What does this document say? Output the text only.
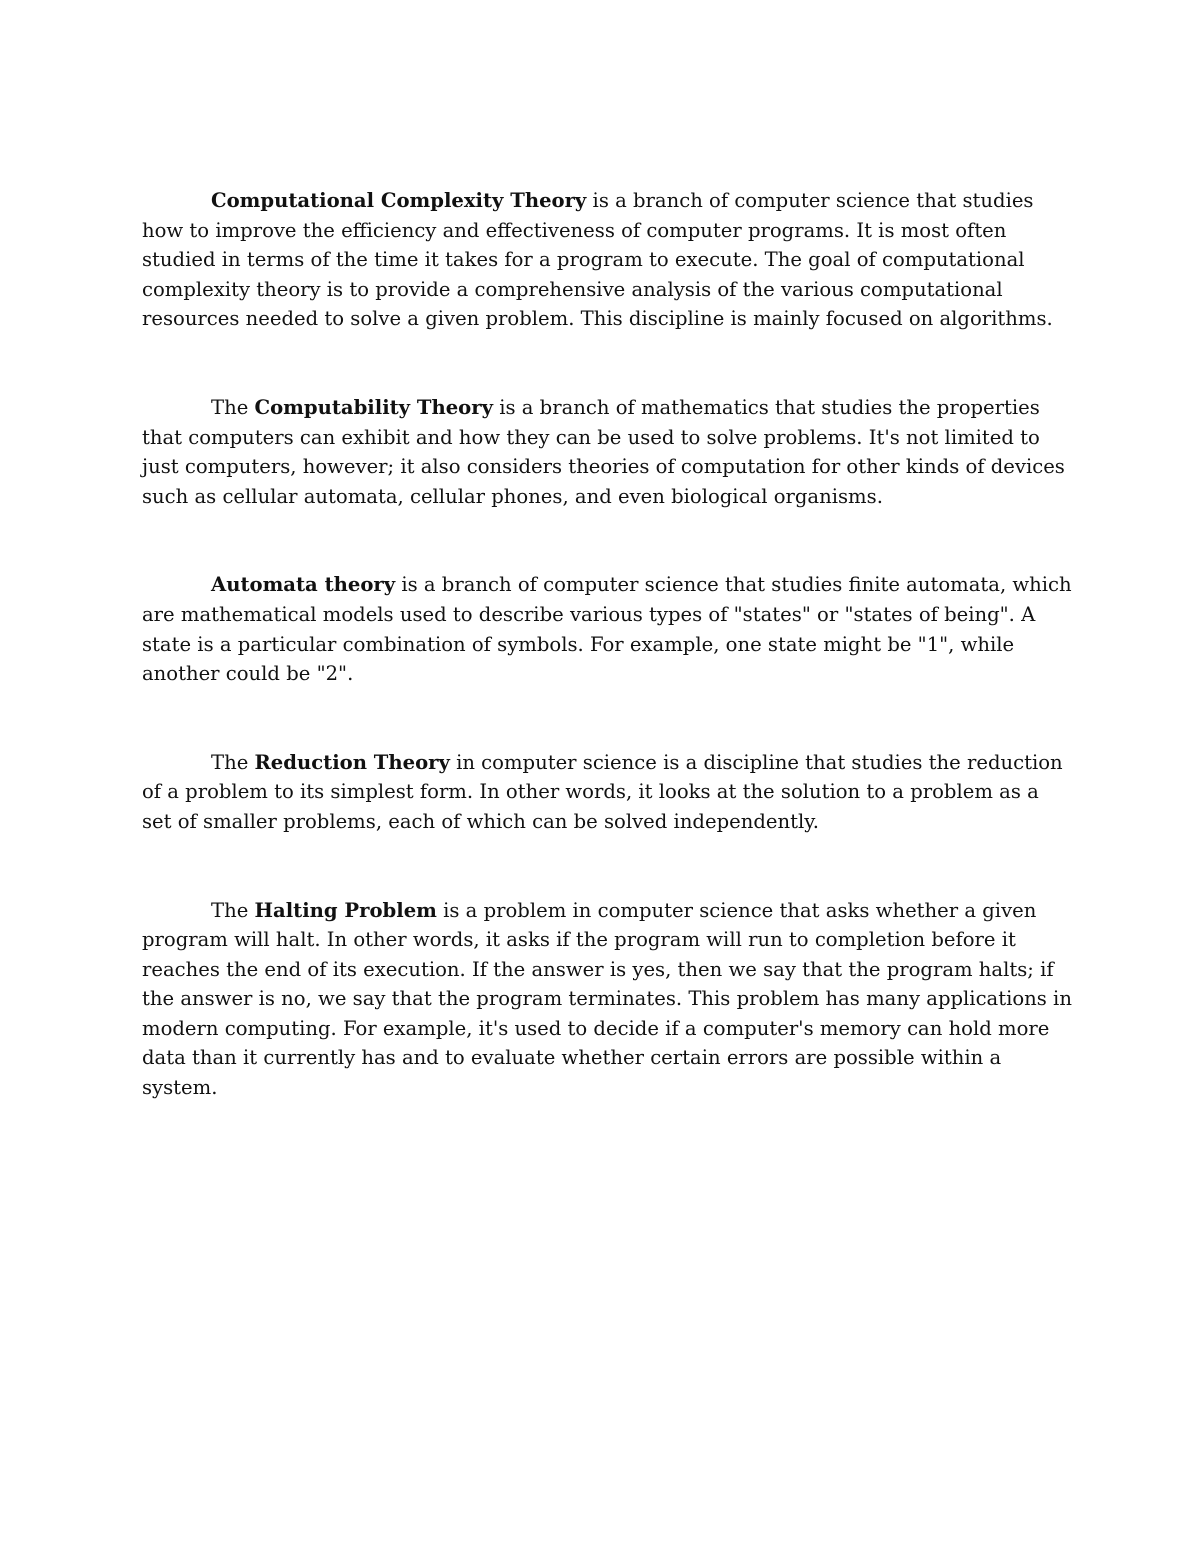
Computational Complexity Theory is a branch of computer science that studies how to improve the efficiency and effectiveness of computer programs. It is most often studied in terms of the time it takes for a program to execute. The goal of computational complexity theory is to provide a comprehensive analysis of the various computational resources needed to solve a given problem. This discipline is mainly focused on algorithms.

The Computability Theory is a branch of mathematics that studies the properties that computers can exhibit and how they can be used to solve problems. It's not limited to just computers, however; it also considers theories of computation for other kinds of devices such as cellular automata, cellular phones, and even biological organisms.

Automata theory is a branch of computer science that studies finite automata, which are mathematical models used to describe various types of "states" or "states of being". A state is a particular combination of symbols. For example, one state might be "1", while another could be "2".

The Reduction Theory in computer science is a discipline that studies the reduction of a problem to its simplest form. In other words, it looks at the solution to a problem as a set of smaller problems, each of which can be solved independently.

The Halting Problem is a problem in computer science that asks whether a given program will halt. In other words, it asks if the program will run to completion before it reaches the end of its execution. If the answer is yes, then we say that the program halts; if the answer is no, we say that the program terminates. This problem has many applications in modern computing. For example, it's used to decide if a computer's memory can hold more data than it currently has and to evaluate whether certain errors are possible within a system.
